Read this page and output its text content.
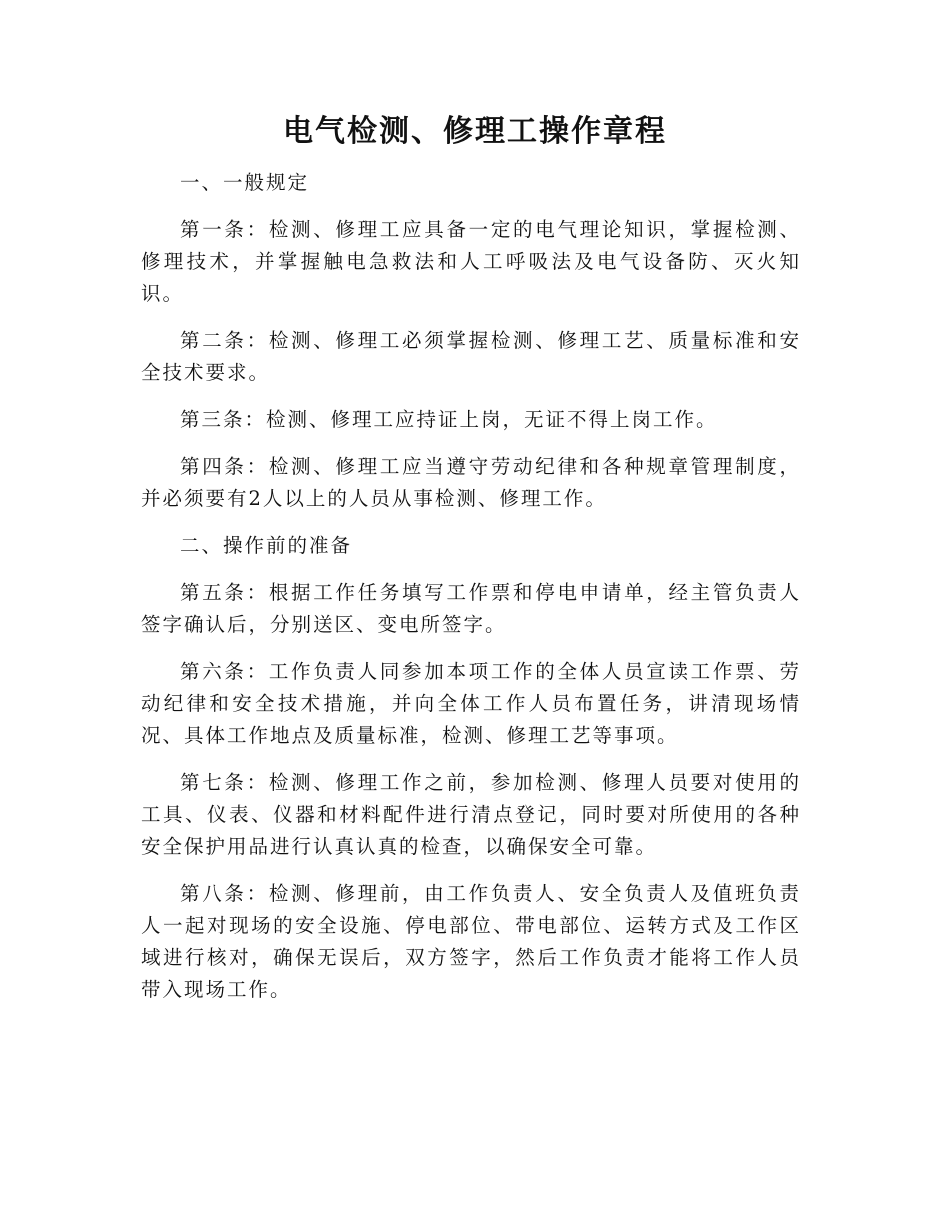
电气检测、修理工操作章程

一、一般规定

第一条：检测、修理工应具备一定的电气理论知识，掌握检测、修理技术，并掌握触电急救法和人工呼吸法及电气设备防、灭火知识。

第二条：检测、修理工必须掌握检测、修理工艺、质量标准和安全技术要求。

第三条：检测、修理工应持证上岗，无证不得上岗工作。

第四条：检测、修理工应当遵守劳动纪律和各种规章管理制度，并必须要有2人以上的人员从事检测、修理工作。

二、操作前的准备

第五条：根据工作任务填写工作票和停电申请单，经主管负责人签字确认后，分别送区、变电所签字。

第六条：工作负责人同参加本项工作的全体人员宣读工作票、劳动纪律和安全技术措施，并向全体工作人员布置任务，讲清现场情况、具体工作地点及质量标准，检测、修理工艺等事项。

第七条：检测、修理工作之前，参加检测、修理人员要对使用的工具、仪表、仪器和材料配件进行清点登记，同时要对所使用的各种安全保护用品进行认真认真的检查，以确保安全可靠。

第八条：检测、修理前，由工作负责人、安全负责人及值班负责人一起对现场的安全设施、停电部位、带电部位、运转方式及工作区域进行核对，确保无误后，双方签字，然后工作负责才能将工作人员带入现场工作。
